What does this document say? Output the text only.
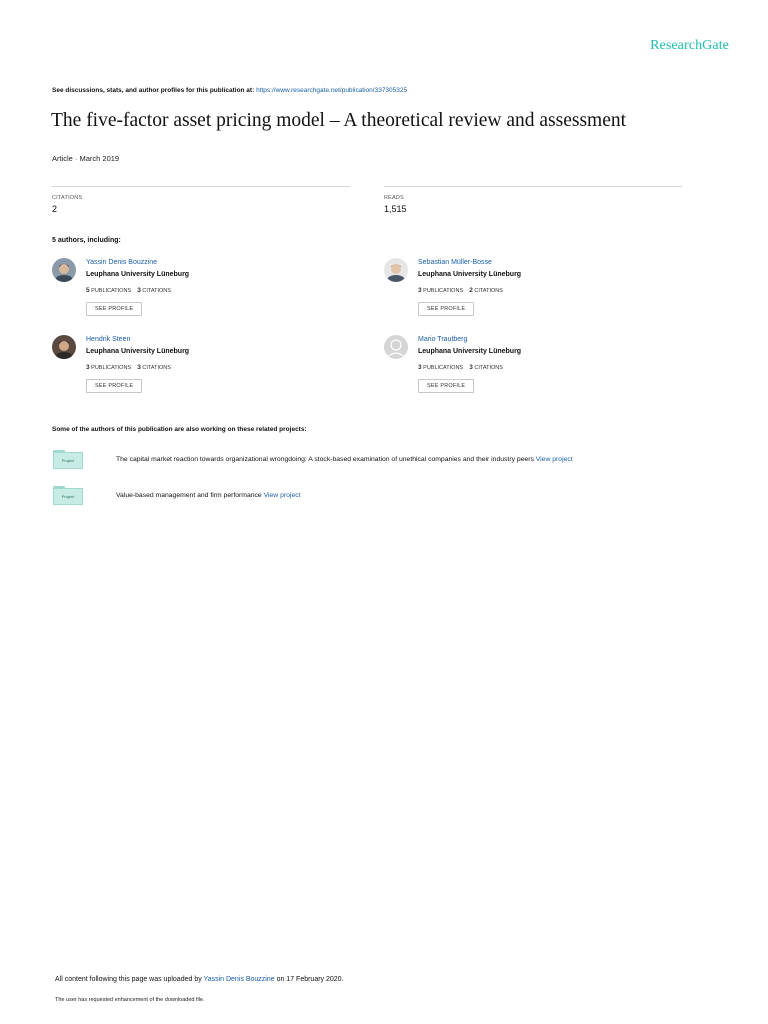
ResearchGate
See discussions, stats, and author profiles for this publication at: https://www.researchgate.net/publication/337305325
The five-factor asset pricing model – A theoretical review and assessment
Article · March 2019
CITATIONS
2
READS
1,515
5 authors, including:
Yassin Denis Bouzzine
Leuphana University Lüneburg
5 PUBLICATIONS 3 CITATIONS
SEE PROFILE
Sebastian Müller-Bosse
Leuphana University Lüneburg
3 PUBLICATIONS 2 CITATIONS
SEE PROFILE
Hendrik Steen
Leuphana University Lüneburg
3 PUBLICATIONS 3 CITATIONS
SEE PROFILE
Mario Trautberg
Leuphana University Lüneburg
3 PUBLICATIONS 3 CITATIONS
SEE PROFILE
Some of the authors of this publication are also working on these related projects:
Project	The capital market reaction towards organizational wrongdoing: A stock-based examination of unethical companies and their industry peers View project
Project	Value-based management and firm performance View project
All content following this page was uploaded by Yassin Denis Bouzzine on 17 February 2020.
The user has requested enhancement of the downloaded file.
